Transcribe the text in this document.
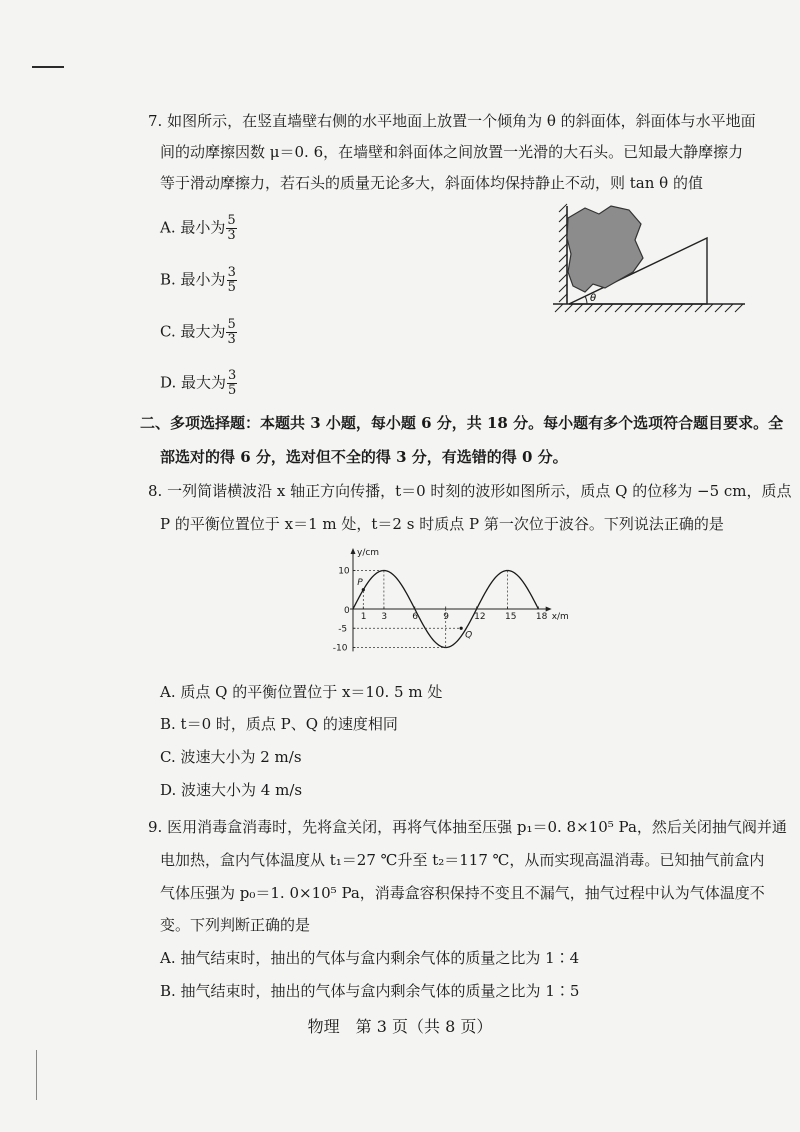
7. 如图所示，在竖直墙壁右侧的水平地面上放置一个倾角为 θ 的斜面体，斜面体与水平地面
间的动摩擦因数 μ＝0. 6，在墙壁和斜面体之间放置一光滑的大石头。已知最大静摩擦力
等于滑动摩擦力，若石头的质量无论多大，斜面体均保持静止不动，则 tan θ 的值
A. 最小为 $\frac{5}{3}$
B. 最小为 $\frac{3}{5}$
C. 最大为 $\frac{5}{3}$
D. 最大为 $\frac{3}{5}$
θ
二、多项选择题：本题共 3 小题，每小题 6 分，共 18 分。每小题有多个选项符合题目要求。全
部选对的得 6 分，选对但不全的得 3 分，有选错的得 0 分。
8. 一列简谐横波沿 x 轴正方向传播，t＝0 时刻的波形如图所示，质点 Q 的位移为 −5 cm，质点
P 的平衡位置位于 x＝1 m 处，t＝2 s 时质点 P 第一次位于波谷。下列说法正确的是
y/cm
x/m
0
1 3	6	9	12 15 18
10
-5
-10
P
Q
A. 质点 Q 的平衡位置位于 x＝10. 5 m 处
B. t＝0 时，质点 P、Q 的速度相同
C. 波速大小为 2 m/s
D. 波速大小为 4 m/s
9. 医用消毒盒消毒时，先将盒关闭，再将气体抽至压强 p₁＝0. 8×10⁵ Pa，然后关闭抽气阀并通
电加热，盒内气体温度从 t₁＝27 ℃升至 t₂＝117 ℃，从而实现高温消毒。已知抽气前盒内
气体压强为 p₀＝1. 0×10⁵ Pa，消毒盒容积保持不变且不漏气，抽气过程中认为气体温度不
变。下列判断正确的是
A. 抽气结束时，抽出的气体与盒内剩余气体的质量之比为 1∶4
B. 抽气结束时，抽出的气体与盒内剩余气体的质量之比为 1∶5
物理　第 3 页（共 8 页）
